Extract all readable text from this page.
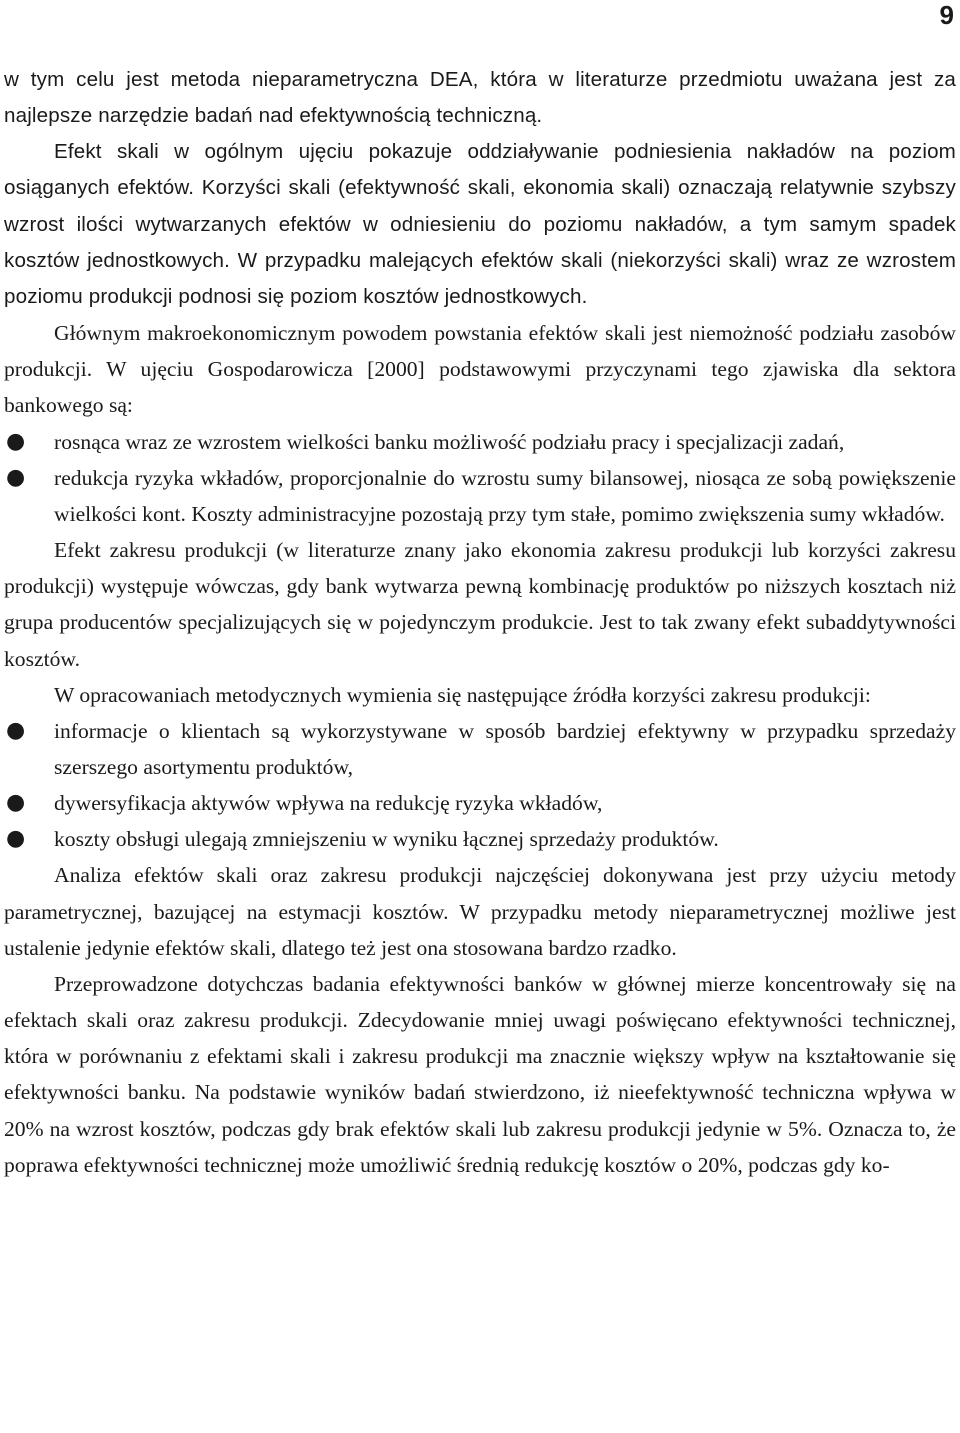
9

w tym celu jest metoda nieparametryczna DEA, która w literaturze przedmiotu uważana jest za najlepsze narzędzie badań nad efektywnością techniczną.

Efekt skali w ogólnym ujęciu pokazuje oddziaływanie podniesienia nakładów na poziom osiąganych efektów. Korzyści skali (efektywność skali, ekonomia skali) oznaczają relatywnie szybszy wzrost ilości wytwarzanych efektów w odniesieniu do poziomu nakładów, a tym samym spadek kosztów jednostkowych. W przypadku malejących efektów skali (niekorzyści skali) wraz ze wzrostem poziomu produkcji podnosi się poziom kosztów jednostkowych.

Głównym makroekonomicznym powodem powstania efektów skali jest niemożność podziału zasobów produkcji. W ujęciu Gospodarowicza [2000] podstawowymi przyczynami tego zjawiska dla sektora bankowego są:

● rosnąca wraz ze wzrostem wielkości banku możliwość podziału pracy i specjalizacji zadań,
● redukcja ryzyka wkładów, proporcjonalnie do wzrostu sumy bilansowej, niosąca ze sobą powiększenie wielkości kont. Koszty administracyjne pozostają przy tym stałe, pomimo zwiększenia sumy wkładów.

Efekt zakresu produkcji (w literaturze znany jako ekonomia zakresu produkcji lub korzyści zakresu produkcji) występuje wówczas, gdy bank wytwarza pewną kombinację produktów po niższych kosztach niż grupa producentów specjalizujących się w pojedynczym produkcie. Jest to tak zwany efekt subaddytywności kosztów.

W opracowaniach metodycznych wymienia się następujące źródła korzyści zakresu produkcji:

● informacje o klientach są wykorzystywane w sposób bardziej efektywny w przypadku sprzedaży szerszego asortymentu produktów,
● dywersyfikacja aktywów wpływa na redukcję ryzyka wkładów,
● koszty obsługi ulegają zmniejszeniu w wyniku łącznej sprzedaży produktów.

Analiza efektów skali oraz zakresu produkcji najczęściej dokonywana jest przy użyciu metody parametrycznej, bazującej na estymacji kosztów. W przypadku metody nieparametrycznej możliwe jest ustalenie jedynie efektów skali, dlatego też jest ona stosowana bardzo rzadko.

Przeprowadzone dotychczas badania efektywności banków w głównej mierze koncentrowały się na efektach skali oraz zakresu produkcji. Zdecydowanie mniej uwagi poświęcano efektywności technicznej, która w porównaniu z efektami skali i zakresu produkcji ma znacznie większy wpływ na kształtowanie się efektywności banku. Na podstawie wyników badań stwierdzono, iż nieefektywność techniczna wpływa w 20% na wzrost kosztów, podczas gdy brak efektów skali lub zakresu produkcji jedynie w 5%. Oznacza to, że poprawa efektywności technicznej może umożliwić średnią redukcję kosztów o 20%, podczas gdy ko-
